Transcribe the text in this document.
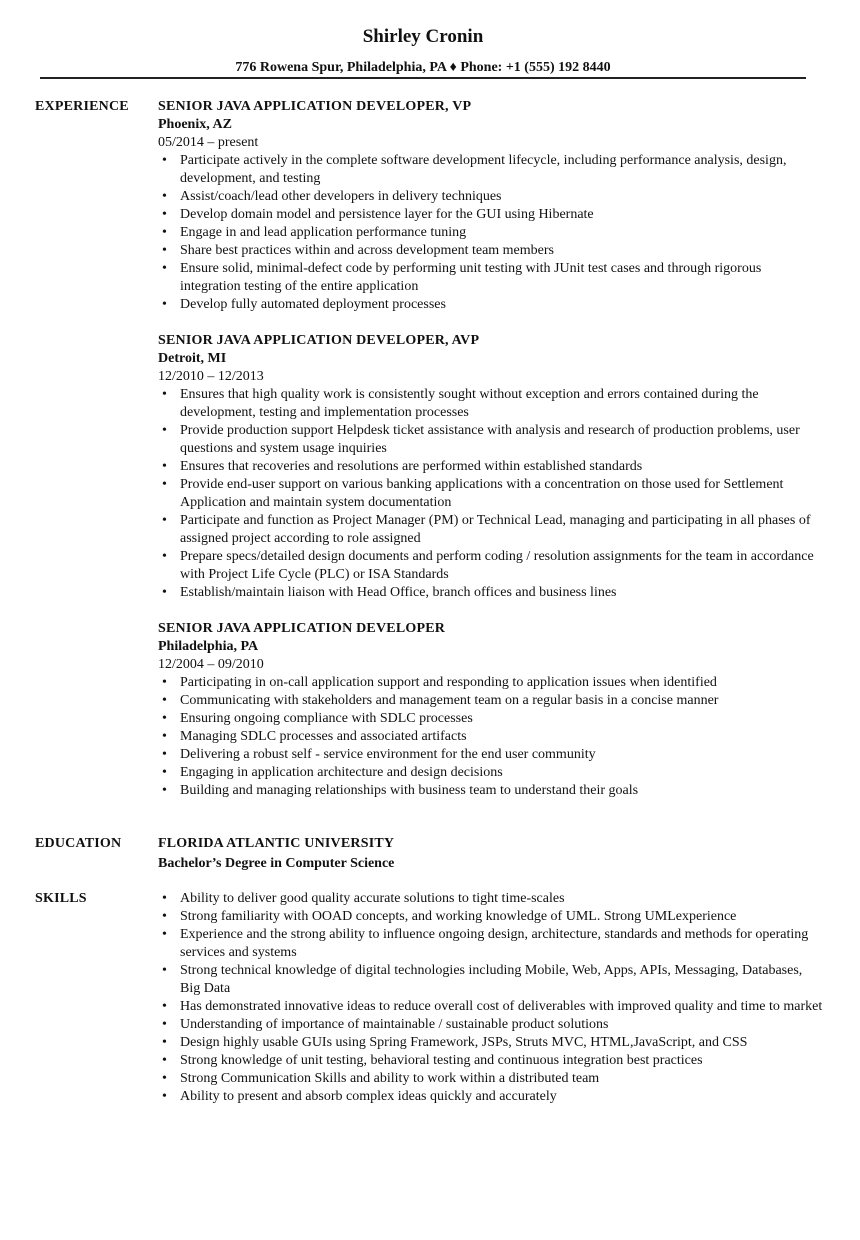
Shirley Cronin
776 Rowena Spur, Philadelphia, PA ♦ Phone: +1 (555) 192 8440
EXPERIENCE SENIOR JAVA APPLICATION DEVELOPER, VP
Phoenix, AZ
05/2014 – present
• Participate actively in the complete software development lifecycle, including performance analysis, design, development, and testing
• Assist/coach/lead other developers in delivery techniques
• Develop domain model and persistence layer for the GUI using Hibernate
• Engage in and lead application performance tuning
• Share best practices within and across development team members
• Ensure solid, minimal-defect code by performing unit testing with JUnit test cases and through rigorous integration testing of the entire application
• Develop fully automated deployment processes
SENIOR JAVA APPLICATION DEVELOPER, AVP
Detroit, MI
12/2010 – 12/2013
• Ensures that high quality work is consistently sought without exception and errors contained during the development, testing and implementation processes
• Provide production support Helpdesk ticket assistance with analysis and research of production problems, user questions and system usage inquiries
• Ensures that recoveries and resolutions are performed within established standards
• Provide end-user support on various banking applications with a concentration on those used for Settlement Application and maintain system documentation
• Participate and function as Project Manager (PM) or Technical Lead, managing and participating in all phases of assigned project according to role assigned
• Prepare specs/detailed design documents and perform coding / resolution assignments for the team in accordance with Project Life Cycle (PLC) or ISA Standards
• Establish/maintain liaison with Head Office, branch offices and business lines
SENIOR JAVA APPLICATION DEVELOPER
Philadelphia, PA
12/2004 – 09/2010
• Participating in on-call application support and responding to application issues when identified
• Communicating with stakeholders and management team on a regular basis in a concise manner
• Ensuring ongoing compliance with SDLC processes
• Managing SDLC processes and associated artifacts
• Delivering a robust self - service environment for the end user community
• Engaging in application architecture and design decisions
• Building and managing relationships with business team to understand their goals
EDUCATION	FLORIDA ATLANTIC UNIVERSITY
Bachelor’s Degree in Computer Science
SKILLS
•	Ability to deliver good quality accurate solutions to tight time-scales
• Strong familiarity with OOAD concepts, and working knowledge of UML. Strong UMLexperience
• Experience and the strong ability to influence ongoing design, architecture, standards and methods for operating services and systems
• Strong technical knowledge of digital technologies including Mobile, Web, Apps, APIs, Messaging, Databases, Big Data
• Has demonstrated innovative ideas to reduce overall cost of deliverables with improved quality and time to market
• Understanding of importance of maintainable / sustainable product solutions
• Design highly usable GUIs using Spring Framework, JSPs, Struts MVC, HTML,JavaScript, and CSS
• Strong knowledge of unit testing, behavioral testing and continuous integration best practices
• Strong Communication Skills and ability to work within a distributed team
• Ability to present and absorb complex ideas quickly and accurately
